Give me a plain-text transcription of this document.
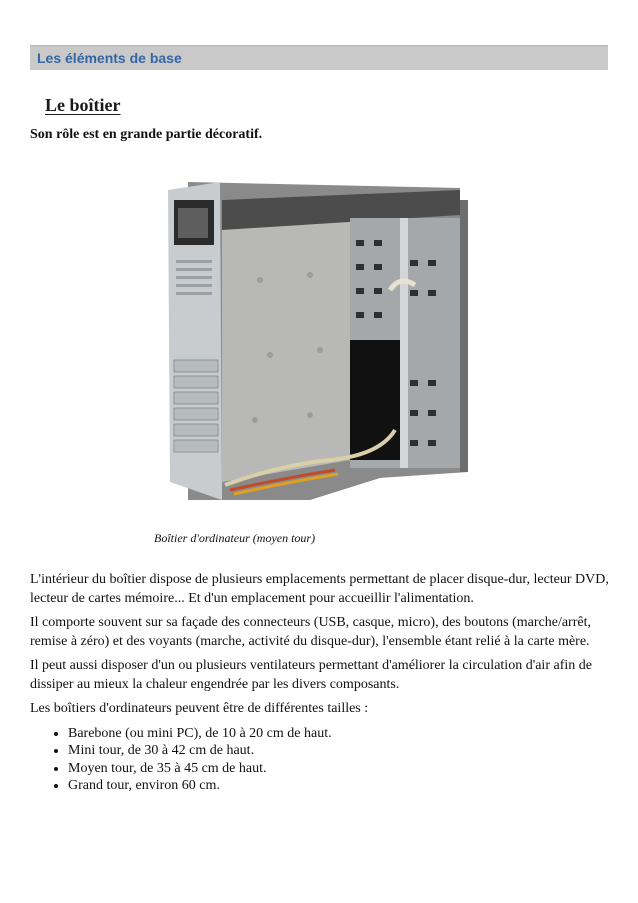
Les éléments de base
Le boîtier

Son rôle est en grande partie décoratif.

Boîtier d'ordinateur (moyen tour)

L'intérieur du boîtier dispose de plusieurs emplacements permettant de placer disque-dur, lecteur DVD, lecteur de cartes mémoire... Et d'un emplacement pour accueillir l'alimentation.

Il comporte souvent sur sa façade des connecteurs (USB, casque, micro), des boutons (marche/arrêt, remise à zéro) et des voyants (marche, activité du disque-dur), l'ensemble étant relié à la carte mère.

Il peut aussi disposer d'un ou plusieurs ventilateurs permettant d'améliorer la circulation d'air afin de dissiper au mieux la chaleur engendrée par les divers composants.

Les boîtiers d'ordinateurs peuvent être de différentes tailles :

• Barebone (ou mini PC), de 10 à 20 cm de haut.
• Mini tour, de 30 à 42 cm de haut.
• Moyen tour, de 35 à 45 cm de haut.
• Grand tour, environ 60 cm.
